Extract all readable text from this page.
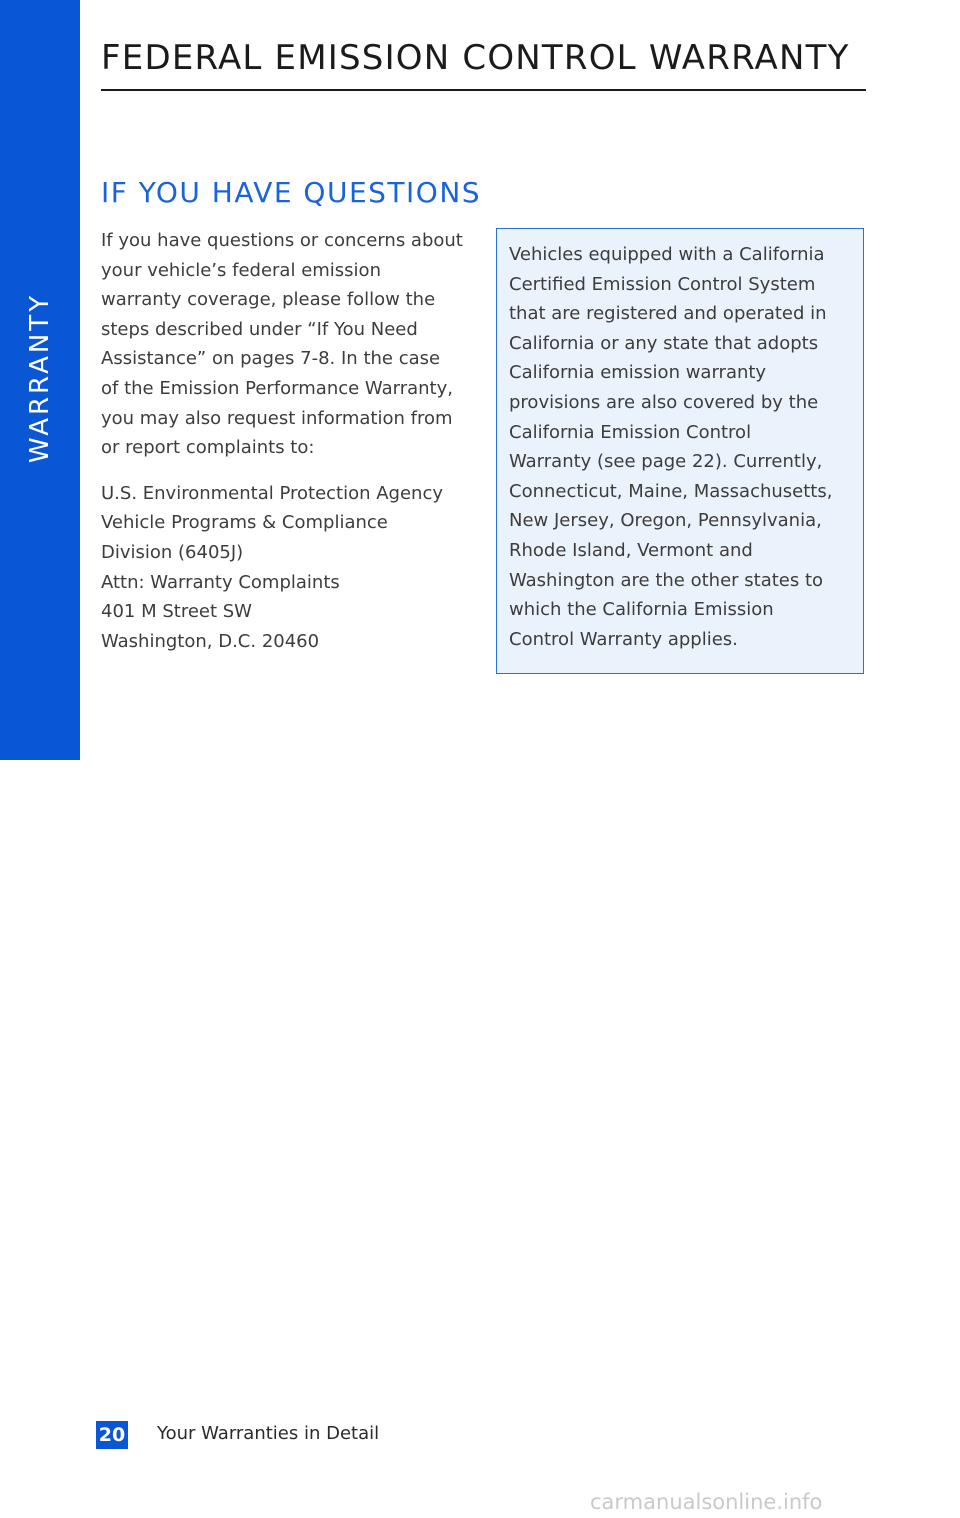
WARRANTY
FEDERAL EMISSION CONTROL WARRANTY
IF YOU HAVE QUESTIONS

If you have questions or concerns about

your vehicle’s federal emission

warranty coverage, please follow the

steps described under “If You Need

Assistance” on pages 7-8. In the case

of the Emission Performance Warranty,

you may also request information from

or report complaints to:

U.S. Environmental Protection Agency

Vehicle Programs & Compliance

Division (6405J)

Attn: Warranty Complaints

401 M Street SW

Washington, D.C. 20460

Vehicles equipped with a California

Certified Emission Control System

that are registered and operated in

California or any state that adopts

California emission warranty

provisions are also covered by the

California Emission Control

Warranty (see page 22). Currently,

Connecticut, Maine, Massachusetts,

New Jersey, Oregon, Pennsylvania,

Rhode Island, Vermont and

Washington are the other states to

which the California Emission

Control Warranty applies.

20 Your Warranties in Detail
carmanualsonline.info
